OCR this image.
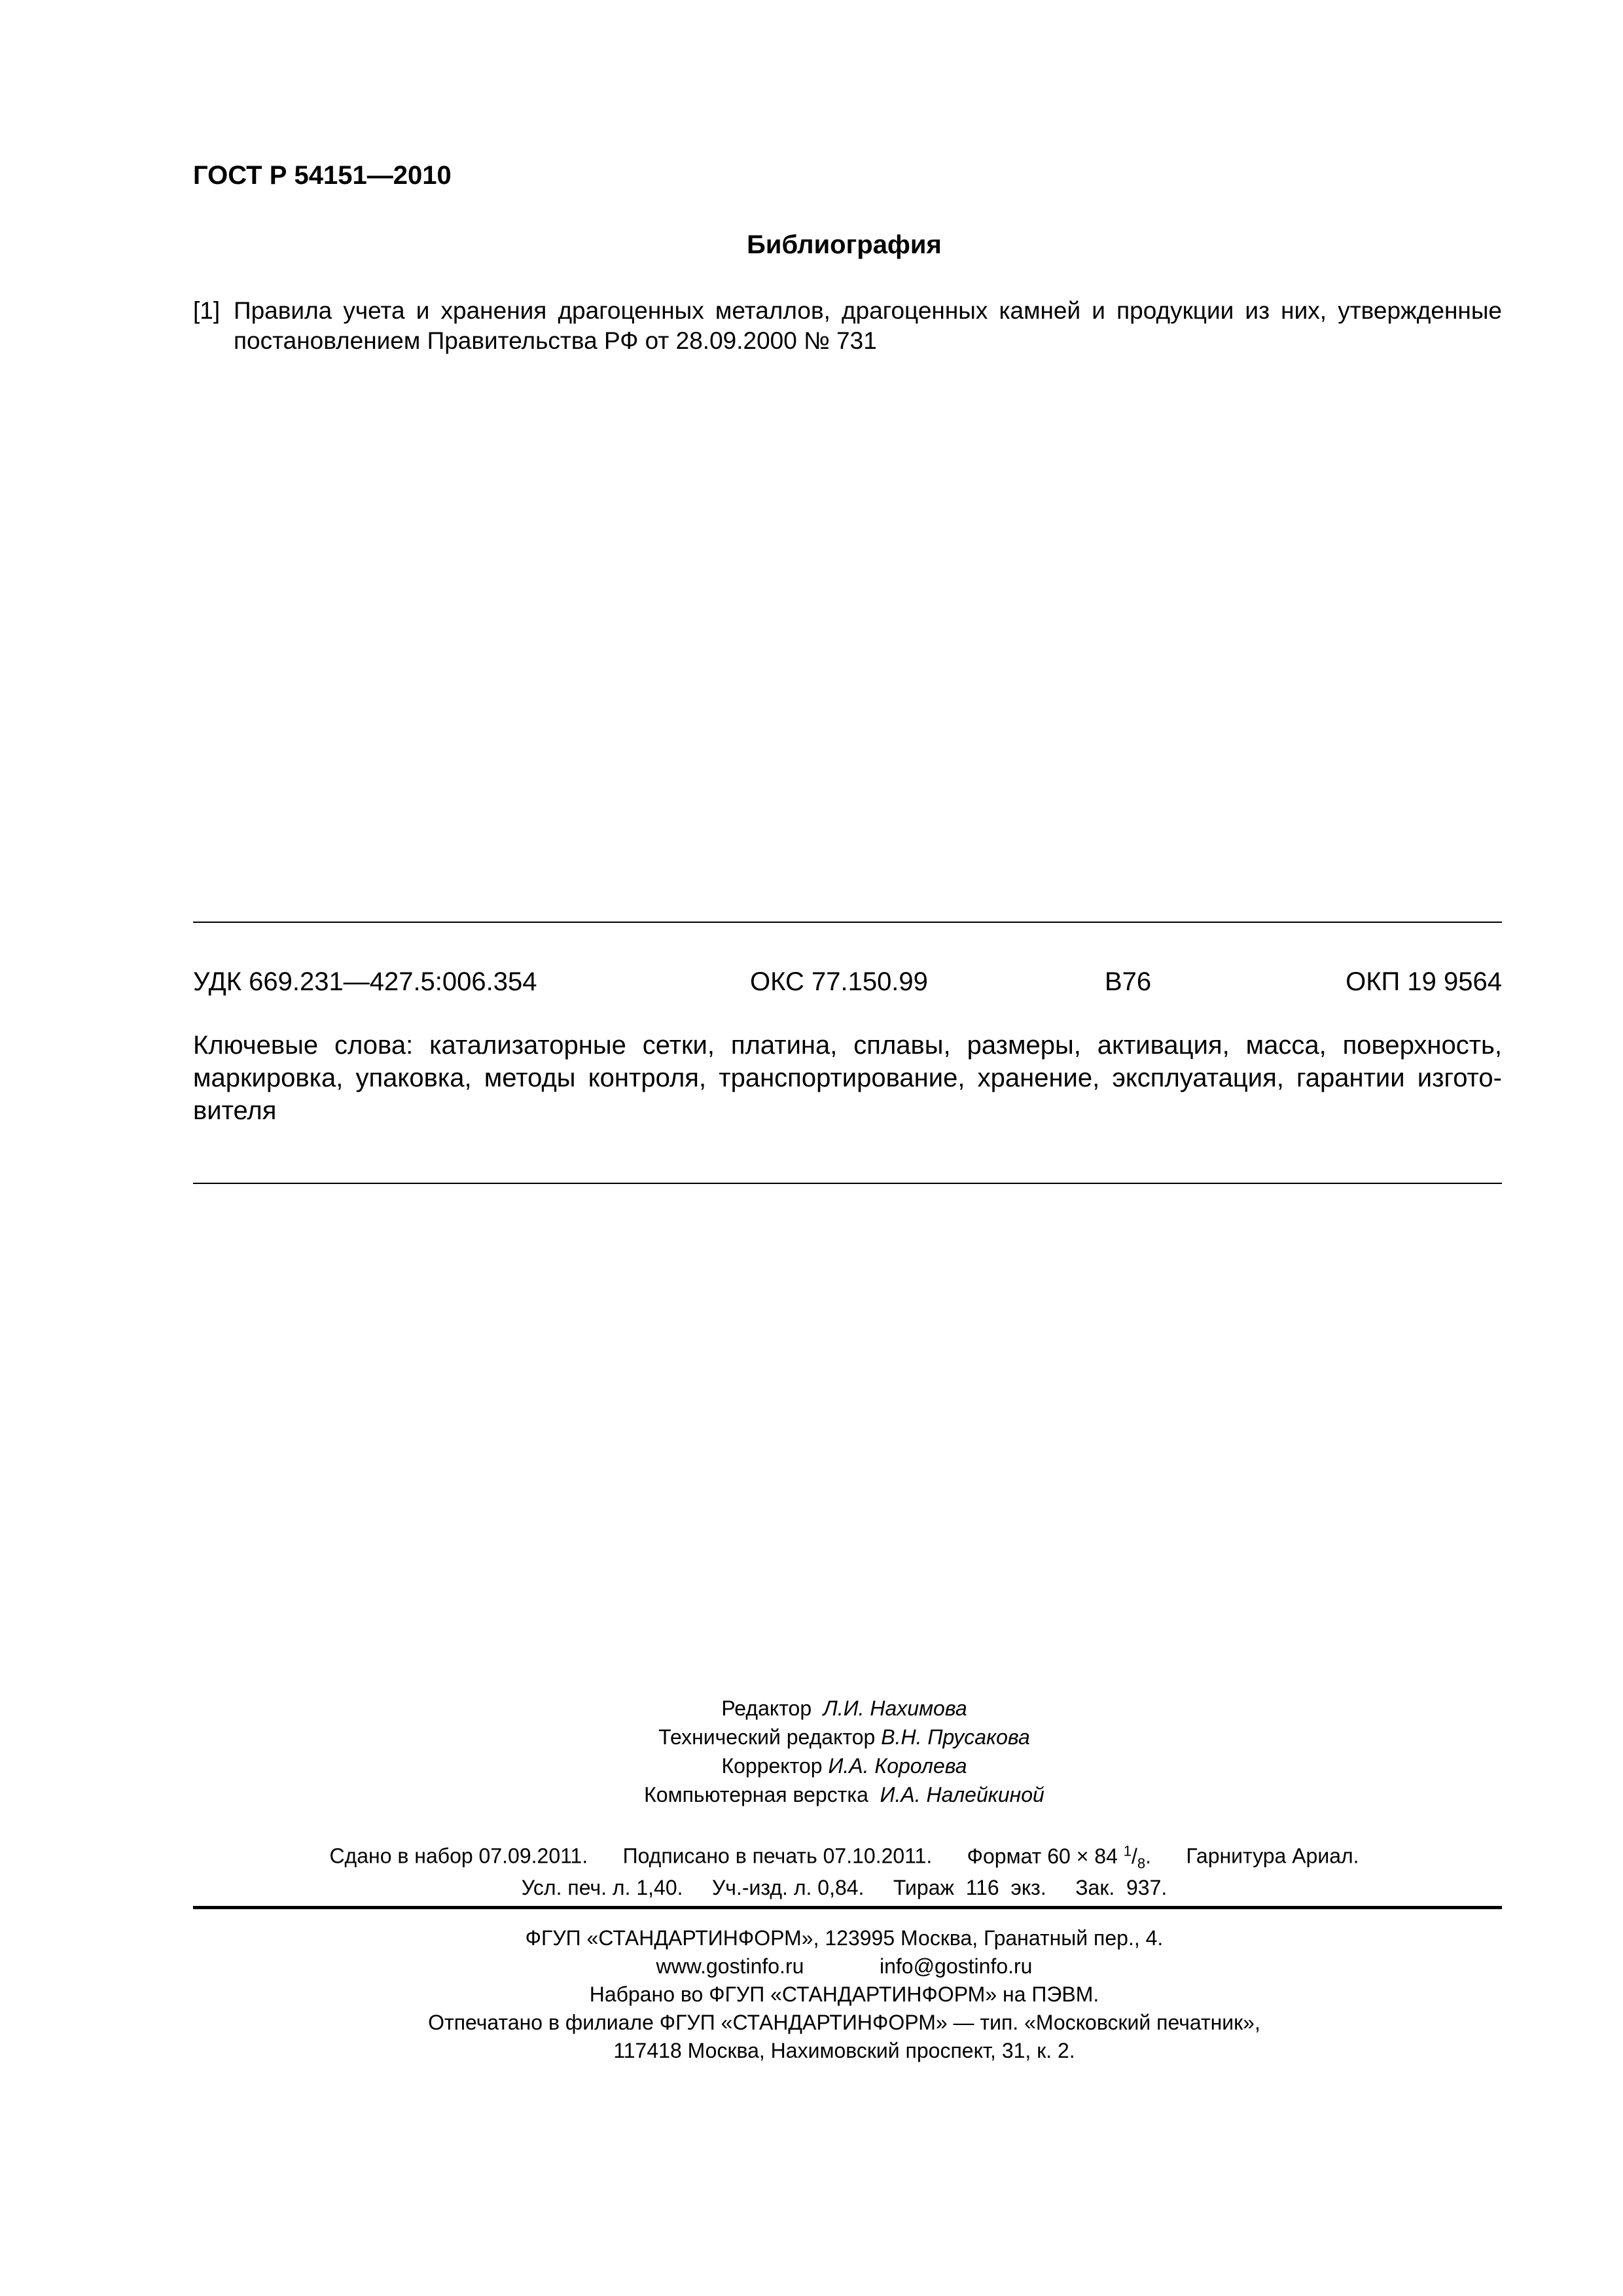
ГОСТ Р 54151—2010
Библиография
[1] Правила учета и хранения драгоценных металлов, драгоценных камней и продукции из них, утвержденные постановлением Правительства РФ от 28.09.2000 № 731
УДК 669.231—427.5:006.354	ОКС 77.150.99	В76	ОКП 19 9564
Ключевые слова: катализаторные сетки, платина, сплавы, размеры, активация, масса, поверхность, маркировка, упаковка, методы контроля, транспортирование, хранение, эксплуатация, гарантии изгото-вителя
Редактор Л.И. Нахимова
Технический редактор В.Н. Прусакова
Корректор И.А. Королева
Компьютерная верстка И.А. Налейкиной
Сдано в набор 07.09.2011. Подписано в печать 07.10.2011. Формат 60 × 84 $^1/_8$. Гарнитура Ариал.
Усл. печ. л. 1,40. Уч.-изд. л. 0,84. Тираж  116  экз. Зак.  937.
ФГУП «СТАНДАРТИНФОРМ», 123995 Москва, Гранатный пер., 4.
www.gostinfo.ru	info@gostinfo.ru
Набрано во ФГУП «СТАНДАРТИНФОРМ» на ПЭВМ.
Отпечатано в филиале ФГУП «СТАНДАРТИНФОРМ» — тип. «Московский печатник»,
117418 Москва, Нахимовский проспект, 31, к. 2.
